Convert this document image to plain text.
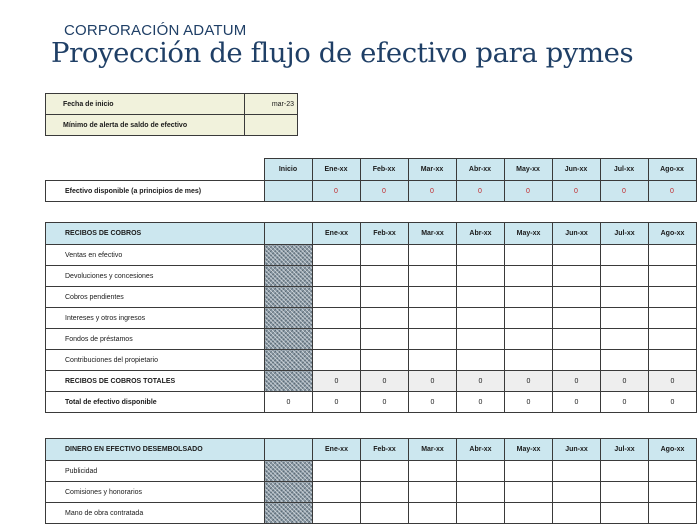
CORPORACIÓN ADATUM
Proyección de flujo de efectivo para pymes
Fecha de inicio	mar-23
Mínimo de alerta de saldo de efectivo	
	Inicio	Ene-xx	Feb-xx	Mar-xx	Abr-xx	May-xx	Jun-xx	Jul-xx	Ago-xx
Efectivo disponible (a principios de mes)		0	0	0	0	0	0	0	0
RECIBOS DE COBROS		Ene-xx	Feb-xx	Mar-xx	Abr-xx	May-xx	Jun-xx	Jul-xx	Ago-xx
Ventas en efectivo									
Devoluciones y concesiones									
Cobros pendientes									
Intereses y otros ingresos									
Fondos de préstamos									
Contribuciones del propietario									
RECIBOS DE COBROS TOTALES		0	0	0	0	0	0	0	0
Total de efectivo disponible	0	0	0	0	0	0	0	0	0
DINERO EN EFECTIVO DESEMBOLSADO		Ene-xx	Feb-xx	Mar-xx	Abr-xx	May-xx	Jun-xx	Jul-xx	Ago-xx
Publicidad									
Comisiones y honorarios									
Mano de obra contratada									
